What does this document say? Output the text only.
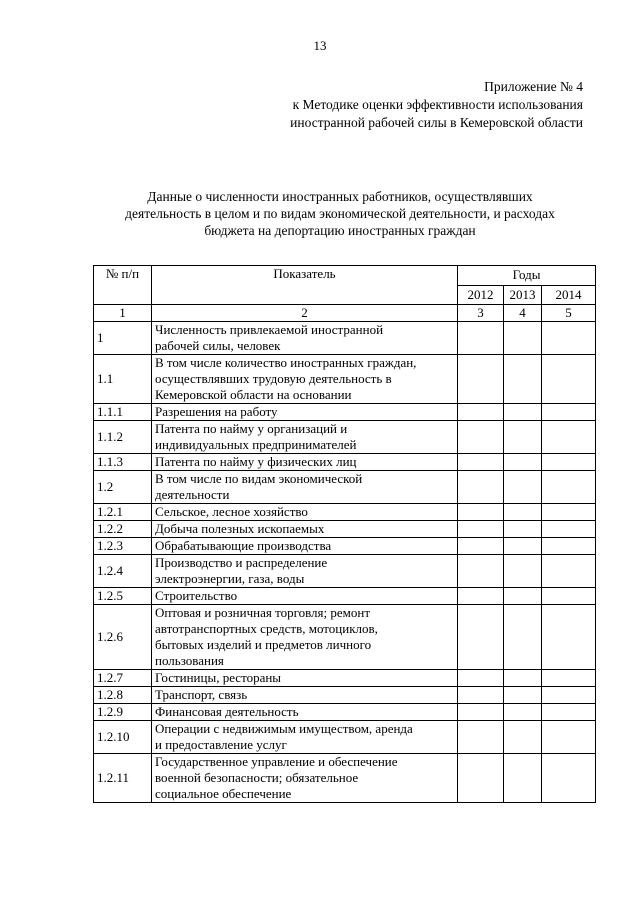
13
Приложение № 4
к Методике оценки эффективности использования
иностранной рабочей силы в Кемеровской области
Данные о численности иностранных работников, осуществлявших
деятельность в целом и по видам экономической деятельности, и расходах
бюджета на депортацию иностранных граждан
№ п/п	Показатель	Годы		
		2012	2013	2014
1	2	3	4	5
1	Численность привлекаемой иностранной
рабочей силы, человек			

1.1	В том числе количество иностранных граждан,
осуществлявших трудовую деятельность в
Кемеровской области на основании			

1.1.1	Разрешения на работу			

1.1.2	Патента по найму у организаций и
индивидуальных предпринимателей			

1.1.3	Патента по найму у физических лиц			

1.2	В том числе по видам экономической
деятельности			

1.2.1	Сельское, лесное хозяйство			

1.2.2	Добыча полезных ископаемых			

1.2.3	Обрабатывающие производства			

1.2.4	Производство и распределение
электроэнергии, газа, воды			

1.2.5	Строительство			

1.2.6	Оптовая и розничная торговля; ремонт
автотранспортных средств, мотоциклов,
бытовых изделий и предметов личного
пользования			

1.2.7	Гостиницы, рестораны			

1.2.8	Транспорт, связь			

1.2.9	Финансовая деятельность			

1.2.10	Операции с недвижимым имуществом, аренда
и предоставление услуг			

1.2.11	Государственное управление и обеспечение
военной безопасности; обязательное
социальное обеспечение			
